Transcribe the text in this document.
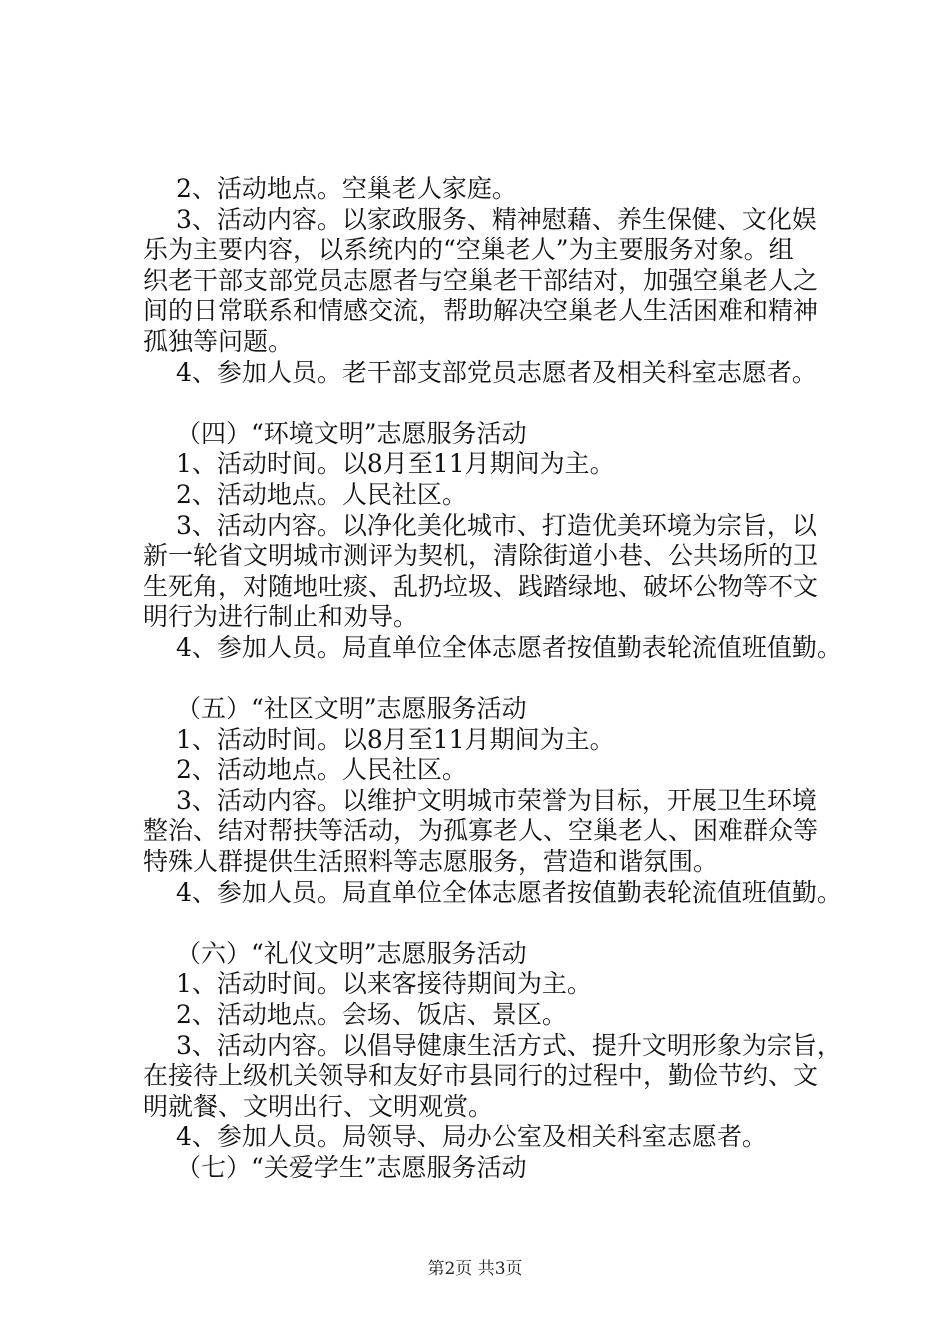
2、活动地点。空巢老人家庭。
3、活动内容。以家政服务、精神慰藉、养生保健、文化娱
乐为主要内容，以系统内的“空巢老人”为主要服务对象。组
织老干部支部党员志愿者与空巢老干部结对，加强空巢老人之
间的日常联系和情感交流，帮助解决空巢老人生活困难和精神
孤独等问题。
4、参加人员。老干部支部党员志愿者及相关科室志愿者。
（四）“环境文明”志愿服务活动
1、活动时间。以8月至11月期间为主。
2、活动地点。人民社区。
3、活动内容。以净化美化城市、打造优美环境为宗旨，以
新一轮省文明城市测评为契机，清除街道小巷、公共场所的卫
生死角，对随地吐痰、乱扔垃圾、践踏绿地、破坏公物等不文
明行为进行制止和劝导。
4、参加人员。局直单位全体志愿者按值勤表轮流值班值勤。
（五）“社区文明”志愿服务活动
1、活动时间。以8月至11月期间为主。
2、活动地点。人民社区。
3、活动内容。以维护文明城市荣誉为目标，开展卫生环境
整治、结对帮扶等活动，为孤寡老人、空巢老人、困难群众等
特殊人群提供生活照料等志愿服务，营造和谐氛围。
4、参加人员。局直单位全体志愿者按值勤表轮流值班值勤。
（六）“礼仪文明”志愿服务活动
1、活动时间。以来客接待期间为主。
2、活动地点。会场、饭店、景区。
3、活动内容。以倡导健康生活方式、提升文明形象为宗旨，
在接待上级机关领导和友好市县同行的过程中，勤俭节约、文
明就餐、文明出行、文明观赏。
4、参加人员。局领导、局办公室及相关科室志愿者。
（七）“关爱学生”志愿服务活动
第2页 共3页
